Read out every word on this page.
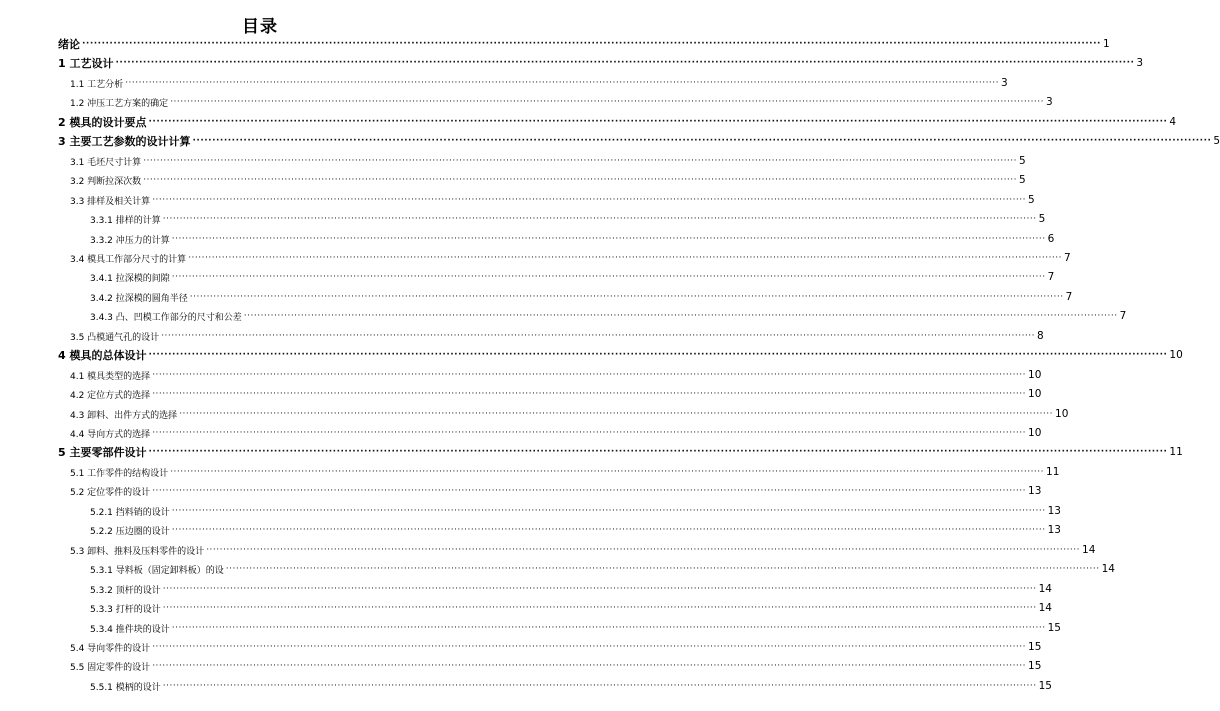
目录
绪论 ···································································································································································································································································· 1
1 工艺设计 ···································································································································································································································································· 3
1.1 工艺分析 ···································································································································································································································································· 3
1.2 冲压工艺方案的确定 ···································································································································································································································································· 3
2 模具的设计要点 ···································································································································································································································································· 4
3 主要工艺参数的设计计算 ···································································································································································································································································· 5
3.1 毛坯尺寸计算 ···································································································································································································································································· 5
3.2 判断拉深次数 ···································································································································································································································································· 5
3.3 排样及相关计算 ···································································································································································································································································· 5
3.3.1 排样的计算 ···································································································································································································································································· 5
3.3.2 冲压力的计算 ···································································································································································································································································· 6
3.4 模具工作部分尺寸的计算 ···································································································································································································································································· 7
3.4.1 拉深模的间隙 ···································································································································································································································································· 7
3.4.2 拉深模的圆角半径 ···································································································································································································································································· 7
3.4.3 凸、凹模工作部分的尺寸和公差 ···································································································································································································································································· 7
3.5 凸模通气孔的设计 ···································································································································································································································································· 8
4 模具的总体设计 ···································································································································································································································································· 10
4.1 模具类型的选择 ···································································································································································································································································· 10
4.2 定位方式的选择 ···································································································································································································································································· 10
4.3 卸料、出件方式的选择 ···································································································································································································································································· 10
4.4 导向方式的选择 ···································································································································································································································································· 10
5 主要零部件设计 ···································································································································································································································································· 11
5.1 工作零件的结构设计 ···································································································································································································································································· 11
5.2 定位零件的设计 ···································································································································································································································································· 13
5.2.1 挡料销的设计 ···································································································································································································································································· 13
5.2.2 压边圈的设计 ···································································································································································································································································· 13
5.3 卸料、推料及压料零件的设计 ···································································································································································································································································· 14
5.3.1 导料板（固定卸料板）的设 ···································································································································································································································································· 14
5.3.2 顶杆的设计 ···································································································································································································································································· 14
5.3.3 打杆的设计 ···································································································································································································································································· 14
5.3.4 推件块的设计 ···································································································································································································································································· 15
5.4 导向零件的设计 ···································································································································································································································································· 15
5.5 固定零件的设计 ···································································································································································································································································· 15
5.5.1 模柄的设计 ···································································································································································································································································· 15
